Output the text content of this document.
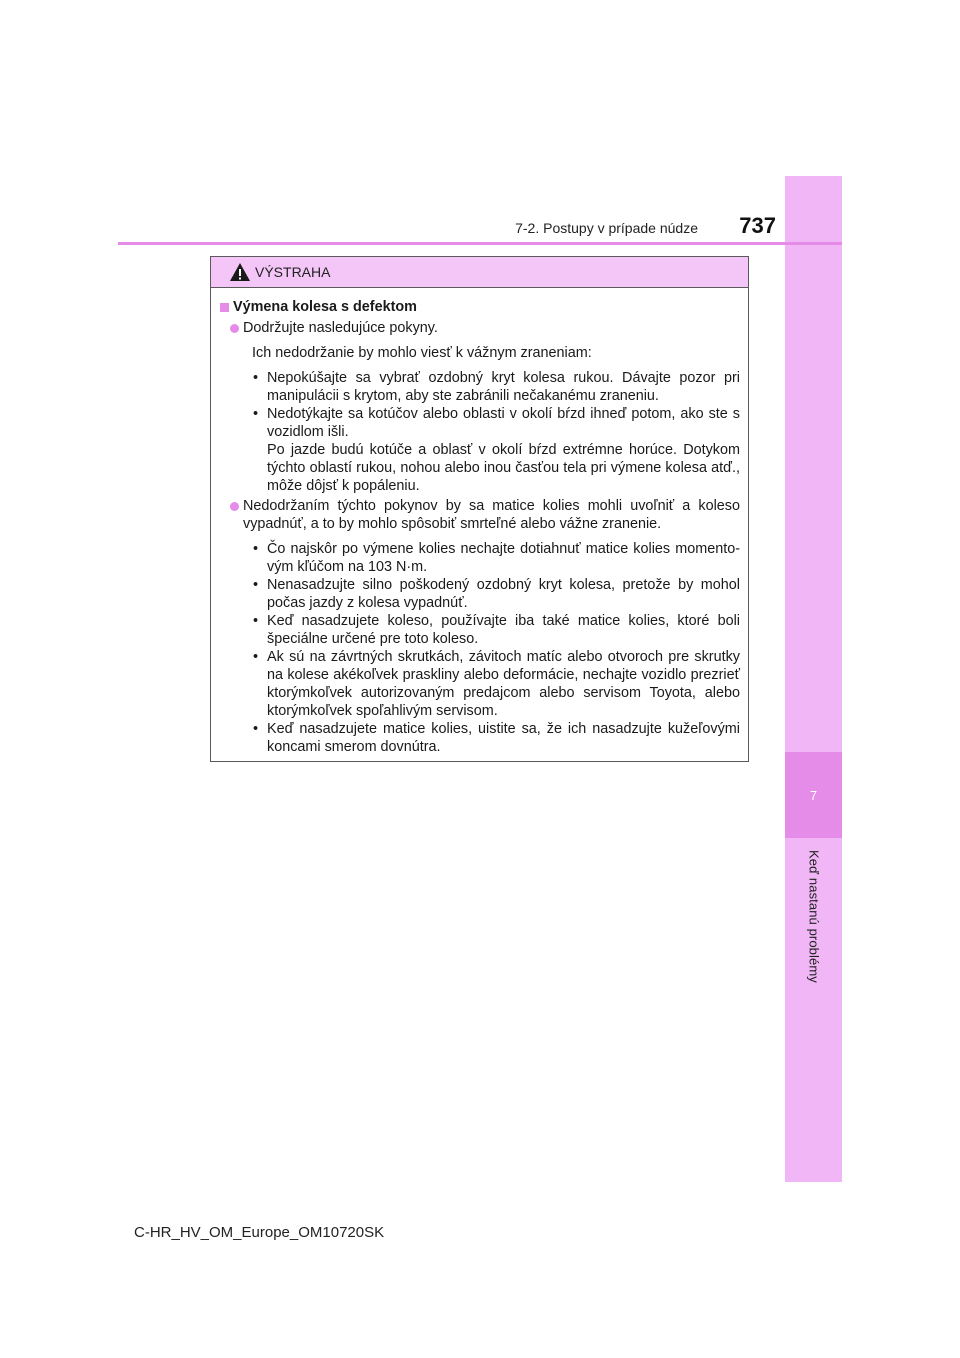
7
Keď nastanú problémy
7-2. Postupy v prípade núdze	737
VÝSTRAHA
Výmena kolesa s defektom
Dodržujte nasledujúce pokyny.
Ich nedodržanie by mohlo viesť k vážnym zraneniam:
• Nepokúšajte sa vybrať ozdobný kryt kolesa rukou. Dávajte pozor pri manipulácii s krytom, aby ste zabránili nečakanému zraneniu.
• Nedotýkajte sa kotúčov alebo oblasti v okolí bŕzd ihneď potom, ako ste s vozidlom išli.
Po jazde budú kotúče a oblasť v okolí bŕzd extrémne horúce. Dotykom týchto oblastí rukou, nohou alebo inou časťou tela pri výmene kolesa atď., môže dôjsť k popáleniu.
Nedodržaním týchto pokynov by sa matice kolies mohli uvoľniť a koleso vypadnúť, a to by mohlo spôsobiť smrteľné alebo vážne zranenie.
• Čo najskôr po výmene kolies nechajte dotiahnuť matice kolies momento-vým kľúčom na 103 N·m.
• Nenasadzujte silno poškodený ozdobný kryt kolesa, pretože by mohol počas jazdy z kolesa vypadnúť.
• Keď nasadzujete koleso, používajte iba také matice kolies, ktoré boli špeciálne určené pre toto koleso.
• Ak sú na závrtných skrutkách, závitoch matíc alebo otvoroch pre skrutky na kolese akékoľvek praskliny alebo deformácie, nechajte vozidlo prezrieť ktorýmkoľvek autorizovaným predajcom alebo servisom Toyota, alebo ktorýmkoľvek spoľahlivým servisom.
• Keď nasadzujete matice kolies, uistite sa, že ich nasadzujte kužeľovými koncami smerom dovnútra.
C-HR_HV_OM_Europe_OM10720SK
